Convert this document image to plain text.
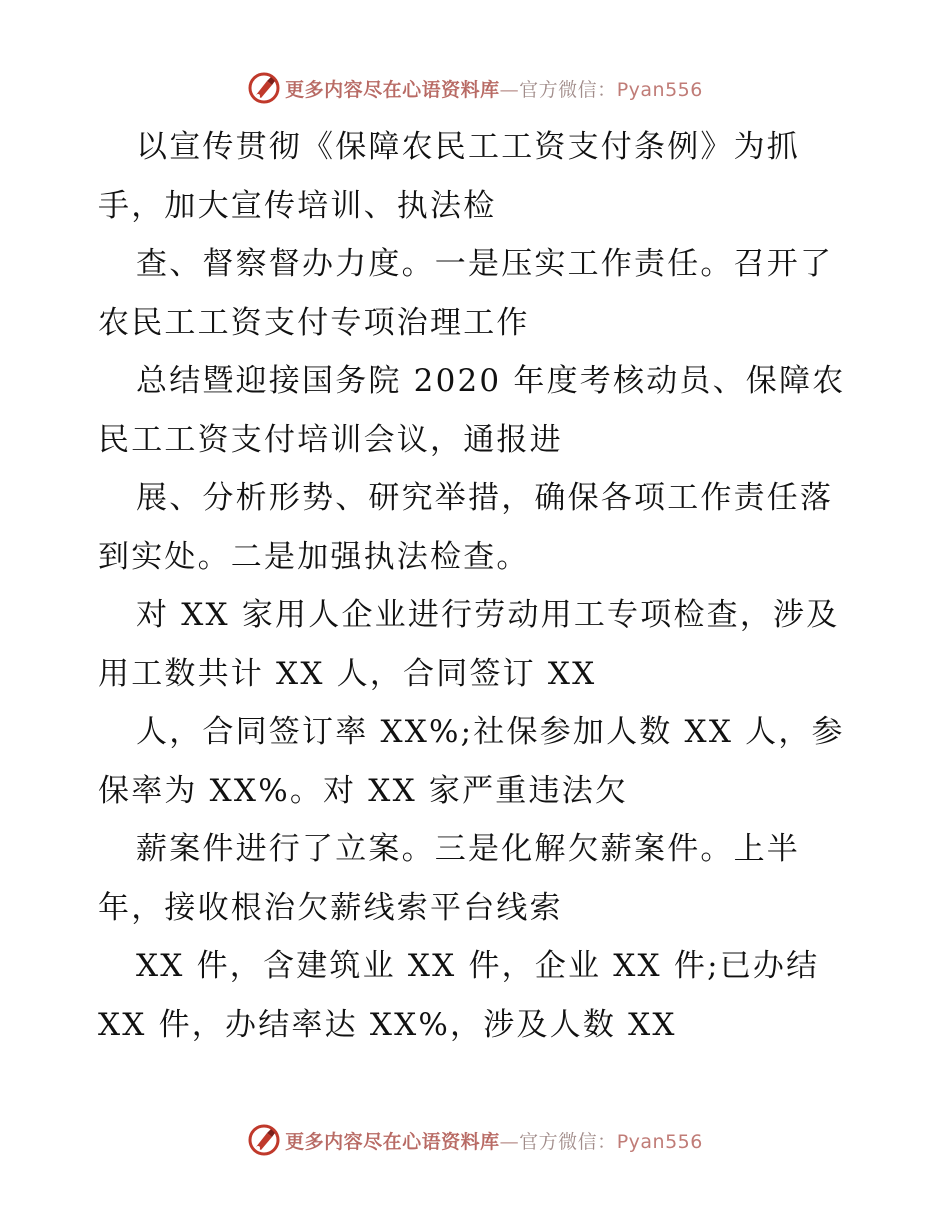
更多内容尽在心语资料库—官方微信：Pyan556
以宣传贯彻《保障农民工工资支付条例》为抓
手，加大宣传培训、执法检
查、督察督办力度。一是压实工作责任。召开了
农民工工资支付专项治理工作
总结暨迎接国务院 2020 年度考核动员、保障农
民工工资支付培训会议，通报进
展、分析形势、研究举措，确保各项工作责任落
到实处。二是加强执法检查。
对 XX 家用人企业进行劳动用工专项检查，涉及
用工数共计 XX 人，合同签订 XX
人，合同签订率 XX%;社保参加人数 XX 人，参
保率为 XX%。对 XX 家严重违法欠
薪案件进行了立案。三是化解欠薪案件。上半
年，接收根治欠薪线索平台线索
XX 件，含建筑业 XX 件，企业 XX 件;已办结
XX 件，办结率达 XX%，涉及人数 XX
更多内容尽在心语资料库—官方微信：Pyan556
